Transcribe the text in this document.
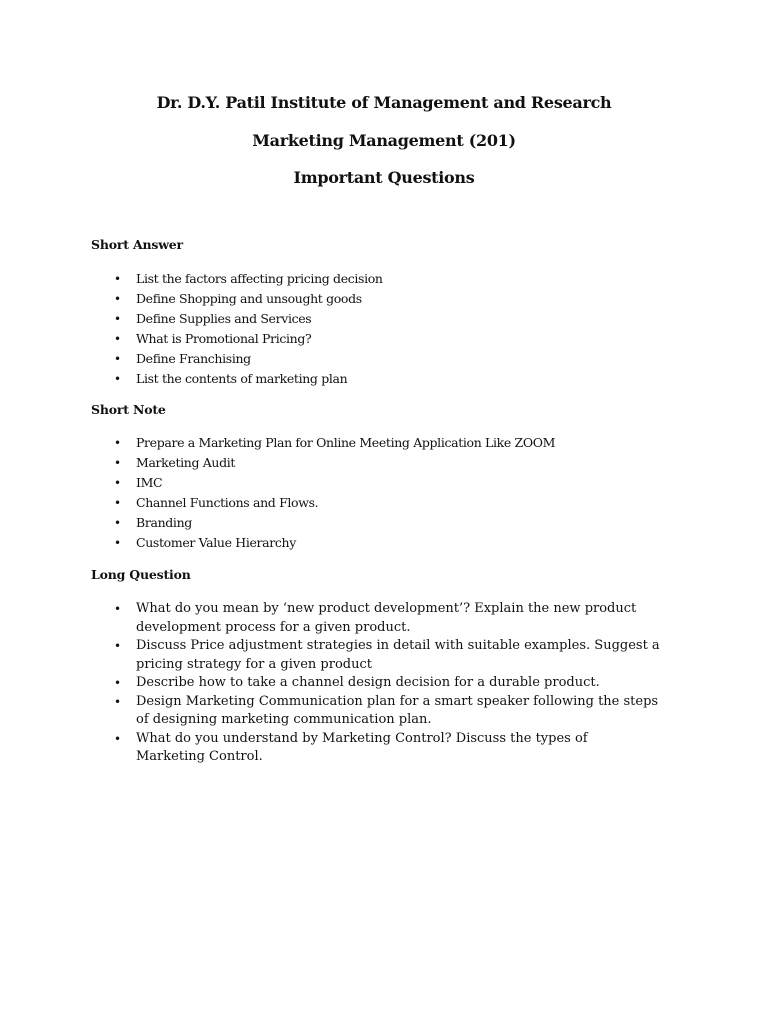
Dr. D.Y. Patil Institute of Management and Research
Marketing Management (201)
Important Questions
Short Answer
• List the factors affecting pricing decision
• Define Shopping and unsought goods
• Define Supplies and Services
• What is Promotional Pricing?
• Define Franchising
• List the contents of marketing plan
Short Note
• Prepare a Marketing Plan for Online Meeting Application Like ZOOM
• Marketing Audit
• IMC
• Channel Functions and Flows.
• Branding
• Customer Value Hierarchy
Long Question
• What do you mean by ‘new product development’? Explain the new product development process for a given product.
• Discuss Price adjustment strategies in detail with suitable examples. Suggest a pricing strategy for a given product
• Describe how to take a channel design decision for a durable product.
• Design Marketing Communication plan for a smart speaker following the steps of designing marketing communication plan.
• What do you understand by Marketing Control? Discuss the types of Marketing Control.
